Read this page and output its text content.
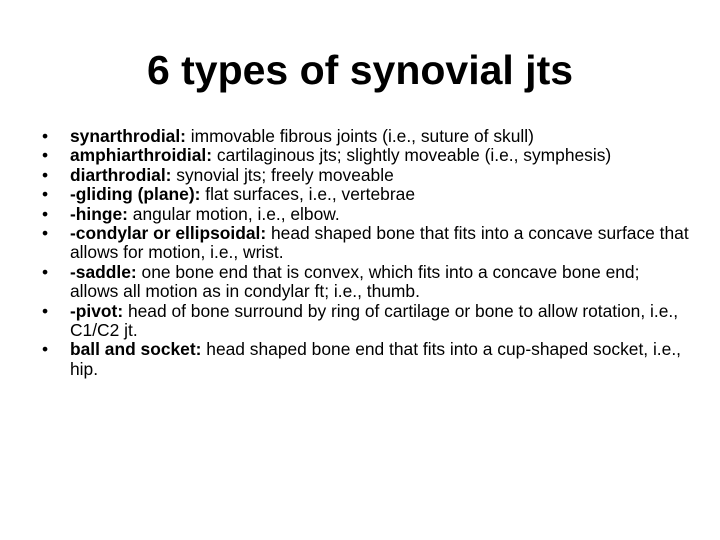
6 types of synovial jts
•	synarthrodial: immovable fibrous joints (i.e., suture of skull)
•	amphiarthroidial: cartilaginous jts; slightly moveable (i.e., symphesis)
•	diarthrodial: synovial jts; freely moveable
•	-gliding (plane): flat surfaces, i.e., vertebrae
•	-hinge: angular motion, i.e., elbow.
•	-condylar or ellipsoidal: head shaped bone that fits into a concave surface that allows for motion, i.e., wrist.
•	-saddle: one bone end that is convex, which fits into a concave bone end; allows all motion as in condylar ft; i.e., thumb.
•	-pivot: head of bone surround by ring of cartilage or bone to allow rotation, i.e., C1/C2 jt.
•	ball and socket: head shaped bone end that fits into a cup-shaped socket, i.e., hip.
